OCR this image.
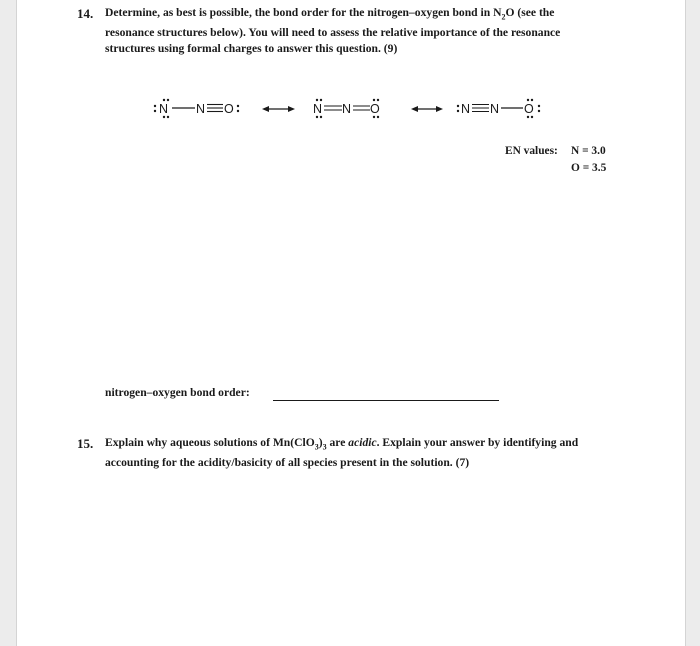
14. Determine, as best is possible, the bond order for the nitrogen–oxygen bond in $N_2O$ (see the
resonance structures below). You will need to assess the relative importance of the resonance
structures using formal charges to answer this question. (9)
N N O	N N O	N N O
EN values: N = 3.0
O = 3.5
nitrogen–oxygen bond order:
15. Explain why aqueous solutions of $Mn(ClO_3)_3$ are acidic. Explain your answer by identifying and
accounting for the acidity/basicity of all species present in the solution. (7)
